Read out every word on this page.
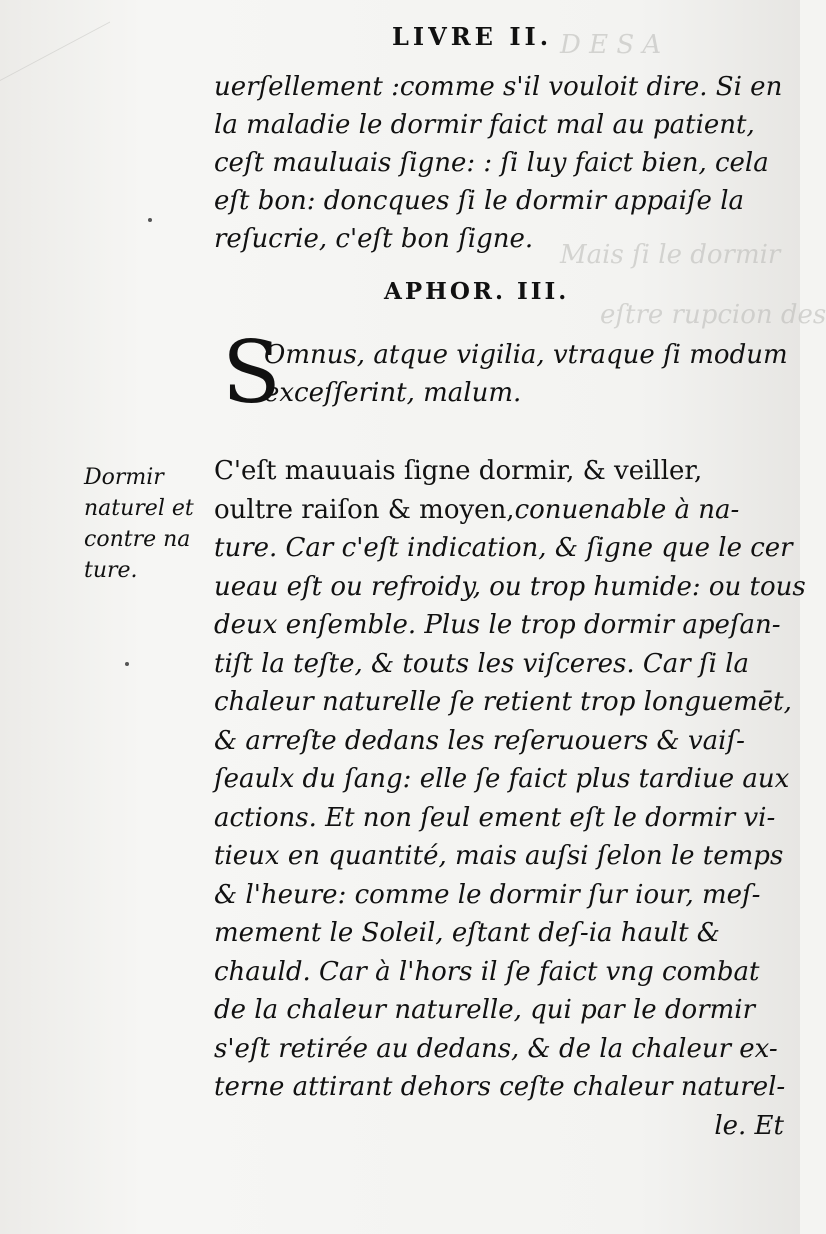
D E S A
Mais ſi le dormir
eſtre rupcion des
LIVRE II.
uerſellement :comme s'il vouloit dire. Si en
la maladie le dormir faict mal au patient,
ceſt mauluais ſigne: : ſi luy faict bien, cela
eſt bon: doncques ſi le dormir appaiſe la
reſucrie, c'eſt bon ſigne.
APHOR. III.
S
Omnus, atque vigilia, vtraque ſi modum
exceſſerint, malum.
Dormir
naturel et
contre na
ture.
C'eſt mauuais ſigne dormir, & veiller,
oultre raiſon & moyen,conuenable à na-
ture. Car c'eſt indication, & ſigne que le cer
ueau eſt ou refroidy, ou trop humide: ou tous
deux enſemble. Plus le trop dormir apeſan-
tiſt la teſte, & touts les viſceres. Car ſi la
chaleur naturelle ſe retient trop longuemēt,
& arreſte dedans les reſeruouers & vaiſ-
ſeaulx du ſang: elle ſe faict plus tardiue aux
actions. Et non ſeul ement eſt le dormir vi-
tieux en quantité, mais auſsi ſelon le temps
& l'heure: comme le dormir ſur iour, meſ-
mement le Soleil, eſtant deſ-ia hault &
chauld. Car à l'hors il ſe faict vng combat
de la chaleur naturelle, qui par le dormir
s'eſt retirée au dedans, & de la chaleur ex-
terne attirant dehors ceſte chaleur naturel-
le. Et
